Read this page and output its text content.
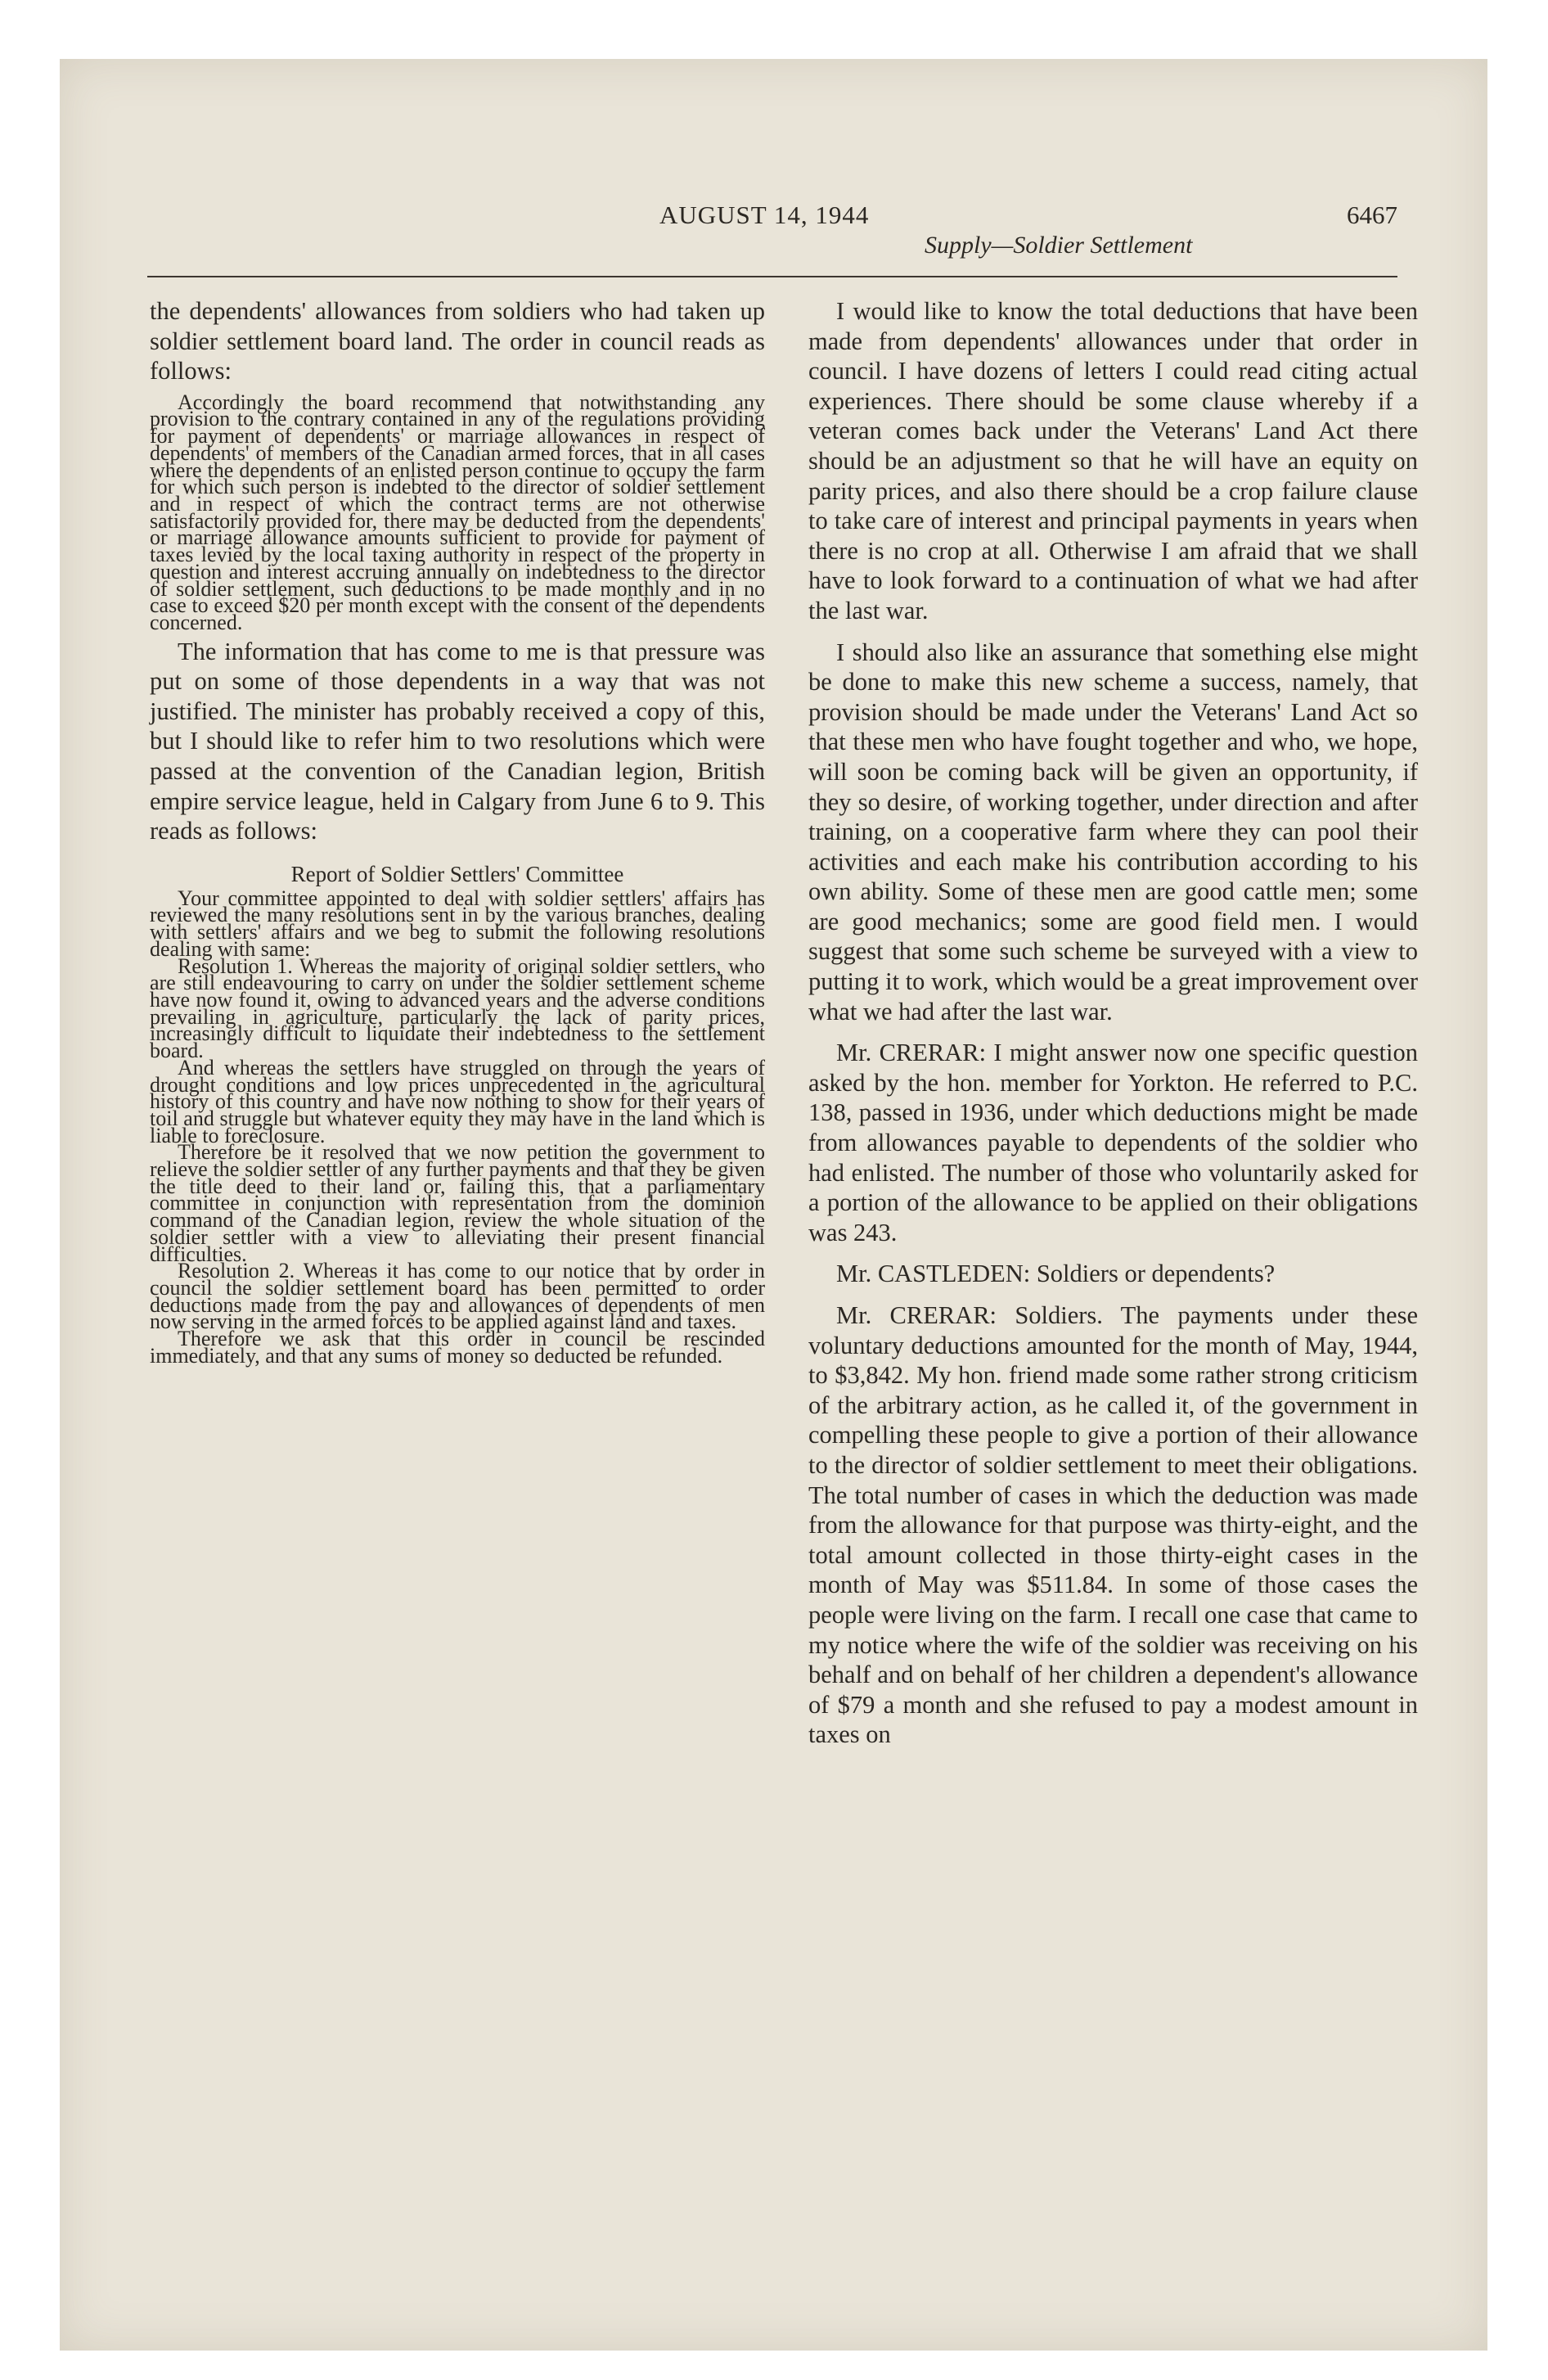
AUGUST 14, 1944	6467
Supply—Soldier Settlement

the dependents' allowances from soldiers who had taken up soldier settlement board land. The order in council reads as follows:

Accordingly the board recommend that notwithstanding any provision to the contrary contained in any of the regulations providing for payment of dependents' or marriage allowances in respect of dependents' of members of the Canadian armed forces, that in all cases where the dependents of an enlisted person continue to occupy the farm for which such person is indebted to the director of soldier settlement and in respect of which the contract terms are not otherwise satisfactorily provided for, there may be deducted from the dependents' or marriage allowance amounts sufficient to provide for payment of taxes levied by the local taxing authority in respect of the property in question and interest accruing annually on indebtedness to the director of soldier settlement, such deductions to be made monthly and in no case to exceed $20 per month except with the consent of the dependents concerned.

The information that has come to me is that pressure was put on some of those dependents in a way that was not justified. The minister has probably received a copy of this, but I should like to refer him to two resolutions which were passed at the convention of the Canadian legion, British empire service league, held in Calgary from June 6 to 9. This reads as follows:

Report of Soldier Settlers' Committee

Your committee appointed to deal with soldier settlers' affairs has reviewed the many resolutions sent in by the various branches, dealing with settlers' affairs and we beg to submit the following resolutions dealing with same:

Resolution 1. Whereas the majority of original soldier settlers, who are still endeavouring to carry on under the soldier settlement scheme have now found it, owing to advanced years and the adverse conditions prevailing in agriculture, particularly the lack of parity prices, increasingly difficult to liquidate their indebtedness to the settlement board.

And whereas the settlers have struggled on through the years of drought conditions and low prices unprecedented in the agricultural history of this country and have now nothing to show for their years of toil and struggle but whatever equity they may have in the land which is liable to foreclosure.

Therefore be it resolved that we now petition the government to relieve the soldier settler of any further payments and that they be given the title deed to their land or, failing this, that a parliamentary committee in conjunction with representation from the dominion command of the Canadian legion, review the whole situation of the soldier settler with a view to alleviating their present financial difficulties.

Resolution 2. Whereas it has come to our notice that by order in council the soldier settlement board has been permitted to order deductions made from the pay and allowances of dependents of men now serving in the armed forces to be applied against land and taxes.

Therefore we ask that this order in council be rescinded immediately, and that any sums of money so deducted be refunded.

I would like to know the total deductions that have been made from dependents' allowances under that order in council. I have dozens of letters I could read citing actual experiences. There should be some clause whereby if a veteran comes back under the Veterans' Land Act there should be an adjustment so that he will have an equity on parity prices, and also there should be a crop failure clause to take care of interest and principal payments in years when there is no crop at all. Otherwise I am afraid that we shall have to look forward to a continuation of what we had after the last war.

I should also like an assurance that something else might be done to make this new scheme a success, namely, that provision should be made under the Veterans' Land Act so that these men who have fought together and who, we hope, will soon be coming back will be given an opportunity, if they so desire, of working together, under direction and after training, on a cooperative farm where they can pool their activities and each make his contribution according to his own ability. Some of these men are good cattle men; some are good mechanics; some are good field men. I would suggest that some such scheme be surveyed with a view to putting it to work, which would be a great improvement over what we had after the last war.

Mr. CRERAR: I might answer now one specific question asked by the hon. member for Yorkton. He referred to P.C. 138, passed in 1936, under which deductions might be made from allowances payable to dependents of the soldier who had enlisted. The number of those who voluntarily asked for a portion of the allowance to be applied on their obligations was 243.

Mr. CASTLEDEN: Soldiers or dependents?

Mr. CRERAR: Soldiers. The payments under these voluntary deductions amounted for the month of May, 1944, to $3,842. My hon. friend made some rather strong criticism of the arbitrary action, as he called it, of the government in compelling these people to give a portion of their allowance to the director of soldier settlement to meet their obligations. The total number of cases in which the deduction was made from the allowance for that purpose was thirty-eight, and the total amount collected in those thirty-eight cases in the month of May was $511.84. In some of those cases the people were living on the farm. I recall one case that came to my notice where the wife of the soldier was receiving on his behalf and on behalf of her children a dependent's allowance of $79 a month and she refused to pay a modest amount in taxes on
